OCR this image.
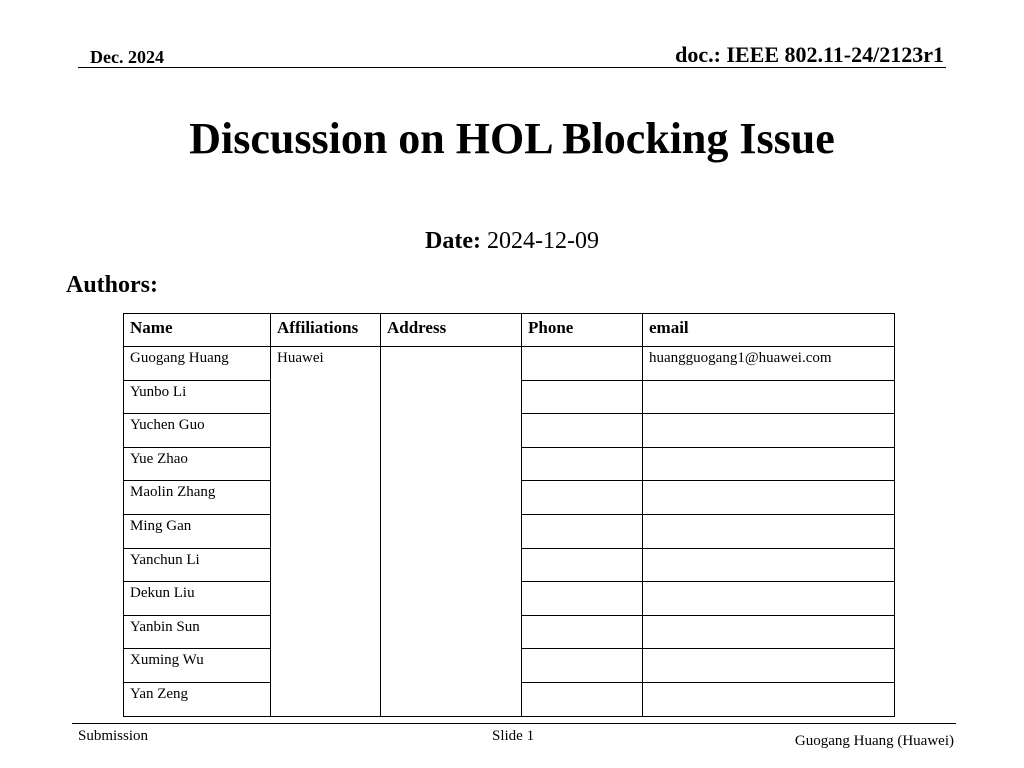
Dec. 2024	doc.: IEEE 802.11-24/2123r1
Discussion on HOL Blocking Issue
Date: 2024-12-09
Authors:
Name	Affiliations	Address	Phone	email
Guogang Huang	Huawei			huangguogang1@huawei.com
Yunbo Li				
Yuchen Guo				
Yue Zhao				
Maolin Zhang				
Ming Gan				
Yanchun Li				
Dekun Liu				
Yanbin Sun				
Xuming Wu				
Yan Zeng				
Submission	Slide 1	Guogang Huang (Huawei)
